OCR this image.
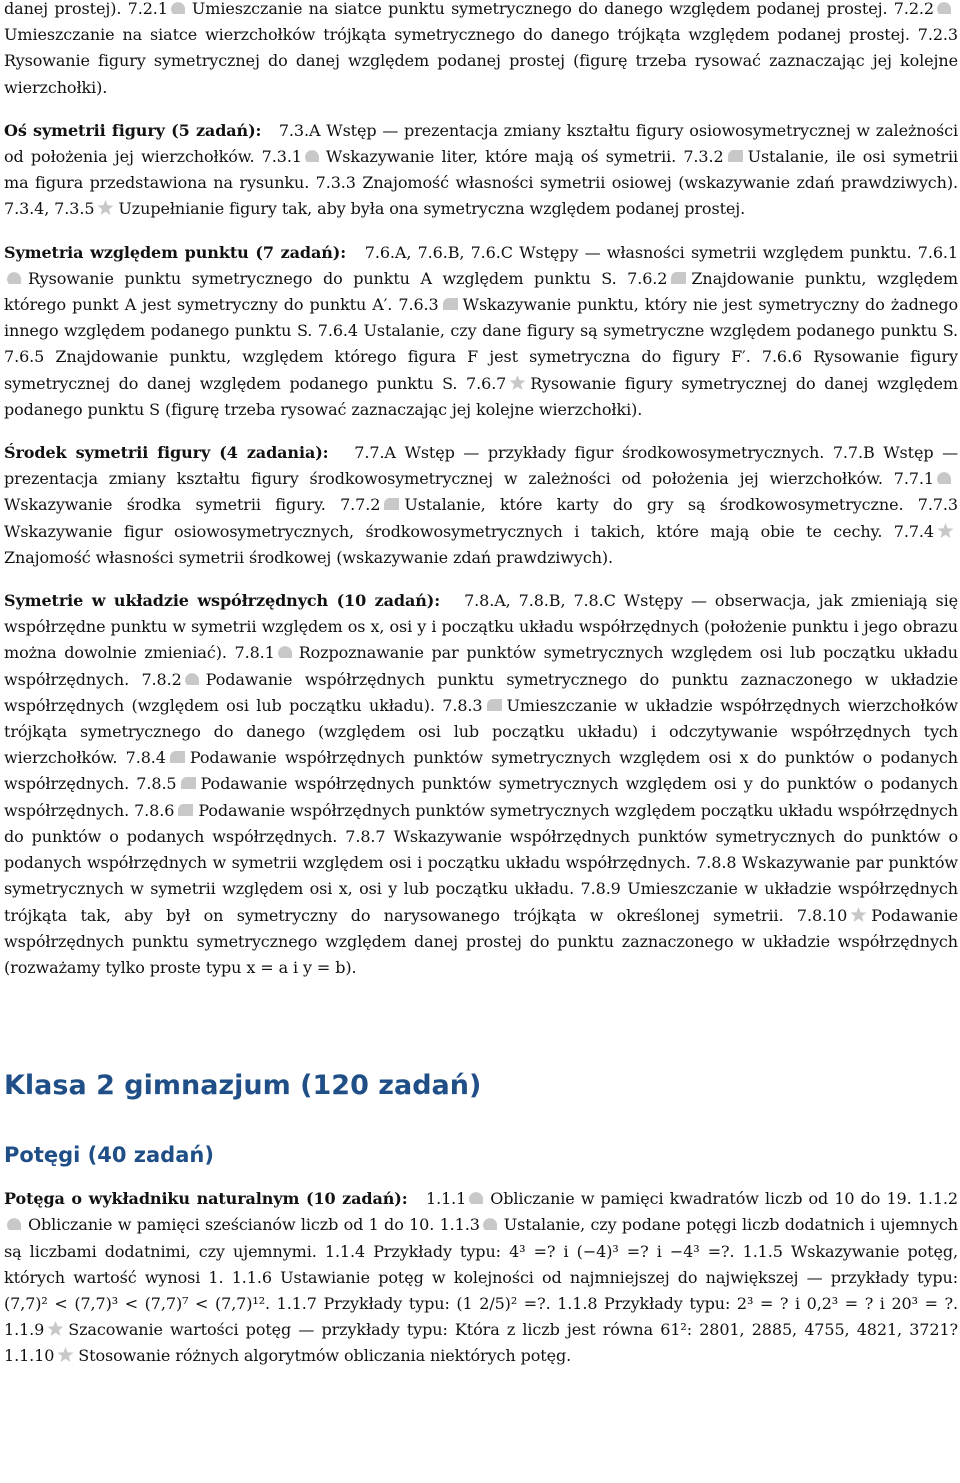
danej prostej). 7.2.1 Umieszczanie na siatce punktu symetrycznego do danego względem podanej prostej. 7.2.2
Umieszczanie na siatce wierzchołków trójkąta symetrycznego do danego trójkąta względem podanej prostej. 7.2.3 Rysowanie figury symetrycznej do danej względem podanej prostej (figurę trzeba rysować zaznaczając jej kolejne wierzchołki).

Oś symetrii figury (5 zadań): 7.3.A Wstęp — prezentacja zmiany kształtu figury osiowosymetrycznej w zależności od położenia jej wierzchołków. 7.3.1 Wskazywanie liter, które mają oś symetrii. 7.3.2 Ustalanie, ile osi symetrii ma figura przedstawiona na rysunku. 7.3.3 Znajomość własności symetrii osiowej (wskazywanie zdań prawdziwych). 7.3.4, 7.3.5 Uzupełnianie figury tak, aby była ona symetryczna względem podanej prostej.

Symetria względem punktu (7 zadań): 7.6.A, 7.6.B, 7.6.C Wstępy — własności symetrii względem punktu. 7.6.1
Rysowanie punktu symetrycznego do punktu A względem punktu S. 7.6.2 Znajdowanie punktu, względem którego punkt A jest symetryczny do punktu A′. 7.6.3 Wskazywanie punktu, który nie jest symetryczny do żadnego innego względem podanego punktu S. 7.6.4 Ustalanie, czy dane figury są symetryczne względem podanego punktu S. 7.6.5 Znajdowanie punktu, względem którego figura F jest symetryczna do figury F′. 7.6.6 Rysowanie figury symetrycznej do danej względem podanego punktu S. 7.6.7 Rysowanie figury symetrycznej do danej względem podanego punktu S (figurę trzeba rysować zaznaczając jej kolejne wierzchołki).

Środek symetrii figury (4 zadania): 7.7.A Wstęp — przykłady figur środkowosymetrycznych. 7.7.B Wstęp — prezentacja zmiany kształtu figury środkowosymetrycznej w zależności od położenia jej wierzchołków. 7.7.1
Wskazywanie środka symetrii figury. 7.7.2 Ustalanie, które karty do gry są środkowosymetryczne. 7.7.3 Wskazywanie figur osiowosymetrycznych, środkowosymetrycznych i takich, które mają obie te cechy. 7.7.4
Znajomość własności symetrii środkowej (wskazywanie zdań prawdziwych).

Symetrie w układzie współrzędnych (10 zadań): 7.8.A, 7.8.B, 7.8.C Wstępy — obserwacja, jak zmieniają się współrzędne punktu w symetrii względem os x, osi y i początku układu współrzędnych (położenie punktu i jego obrazu można dowolnie zmieniać). 7.8.1 Rozpoznawanie par punktów symetrycznych względem osi lub początku układu współrzędnych. 7.8.2 Podawanie współrzędnych punktu symetrycznego do punktu zaznaczonego w układzie współrzędnych (względem osi lub początku układu). 7.8.3 Umieszczanie w układzie współrzędnych wierzchołków trójkąta symetrycznego do danego (względem osi lub początku układu) i odczytywanie współrzędnych tych wierzchołków. 7.8.4 Podawanie współrzędnych punktów symetrycznych względem osi x do punktów o podanych współrzędnych. 7.8.5 Podawanie współrzędnych punktów symetrycznych względem osi y do punktów o podanych współrzędnych. 7.8.6 Podawanie współrzędnych punktów symetrycznych względem początku układu współrzędnych do punktów o podanych współrzędnych. 7.8.7 Wskazywanie współrzędnych punktów symetrycznych do punktów o podanych współrzędnych w symetrii względem osi i początku układu współrzędnych. 7.8.8 Wskazywanie par punktów symetrycznych w symetrii względem osi x, osi y lub początku układu. 7.8.9 Umieszczanie w układzie współrzędnych trójkąta tak, aby był on symetryczny do narysowanego trójkąta w określonej symetrii. 7.8.10 Podawanie współrzędnych punktu symetrycznego względem danej prostej do punktu zaznaczonego w układzie współrzędnych (rozważamy tylko proste typu x = a i y = b).

Klasa 2 gimnazjum (120 zadań)
Potęgi (40 zadań)

Potęga o wykładniku naturalnym (10 zadań): 1.1.1 Obliczanie w pamięci kwadratów liczb od 10 do 19. 1.1.2
Obliczanie w pamięci sześcianów liczb od 1 do 10. 1.1.3 Ustalanie, czy podane potęgi liczb dodatnich i ujemnych są liczbami dodatnimi, czy ujemnymi. 1.1.4 Przykłady typu: 4³ =? i (−4)³ =? i −4³ =?. 1.1.5 Wskazywanie potęg, których wartość wynosi 1. 1.1.6 Ustawianie potęg w kolejności od najmniejszej do największej — przykłady typu: (7,7)² < (7,7)³ < (7,7)⁷ < (7,7)¹². 1.1.7 Przykłady typu: (1 2/5)² =?. 1.1.8 Przykłady typu: 2³ = ? i 0,2³ = ? i 20³ = ?. 1.1.9 Szacowanie wartości potęg — przykłady typu: Która z liczb jest równa 61²: 2801, 2885, 4755, 4821, 3721? 1.1.10 Stosowanie różnych algorytmów obliczania niektórych potęg.
